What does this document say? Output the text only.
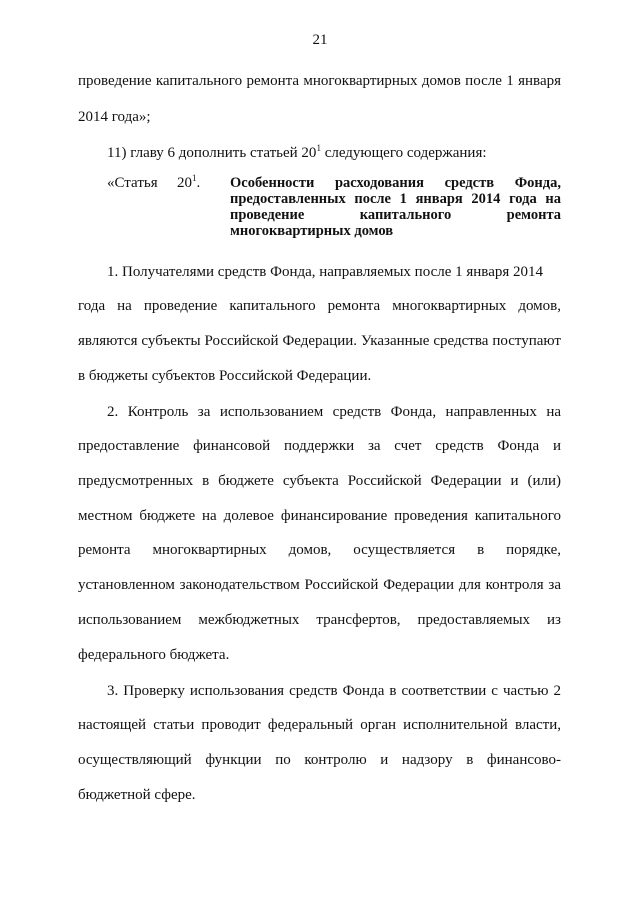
21
проведение капитального ремонта многоквартирных домов после 1 января
2014 года»;
11) главу 6 дополнить статьей $20^1$ следующего содержания:
«Статья $20^1$. Особенности расходования средств Фонда,
предоставленных после 1 января 2014 года на
проведение капитального ремонта
многоквартирных домов
1. Получателями средств Фонда, направляемых после 1 января 2014
года на проведение капитального ремонта многоквартирных домов,
являются субъекты Российской Федерации. Указанные средства поступают
в бюджеты субъектов Российской Федерации.
2. Контроль за использованием средств Фонда, направленных на
предоставление финансовой поддержки за счет средств Фонда и
предусмотренных в бюджете субъекта Российской Федерации и (или)
местном бюджете на долевое финансирование проведения капитального
ремонта многоквартирных домов, осуществляется в порядке,
установленном законодательством Российской Федерации для контроля за
использованием межбюджетных трансфертов, предоставляемых из
федерального бюджета.
3. Проверку использования средств Фонда в соответствии с частью 2
настоящей статьи проводит федеральный орган исполнительной власти,
осуществляющий функции по контролю и надзору в финансово-
бюджетной сфере.
